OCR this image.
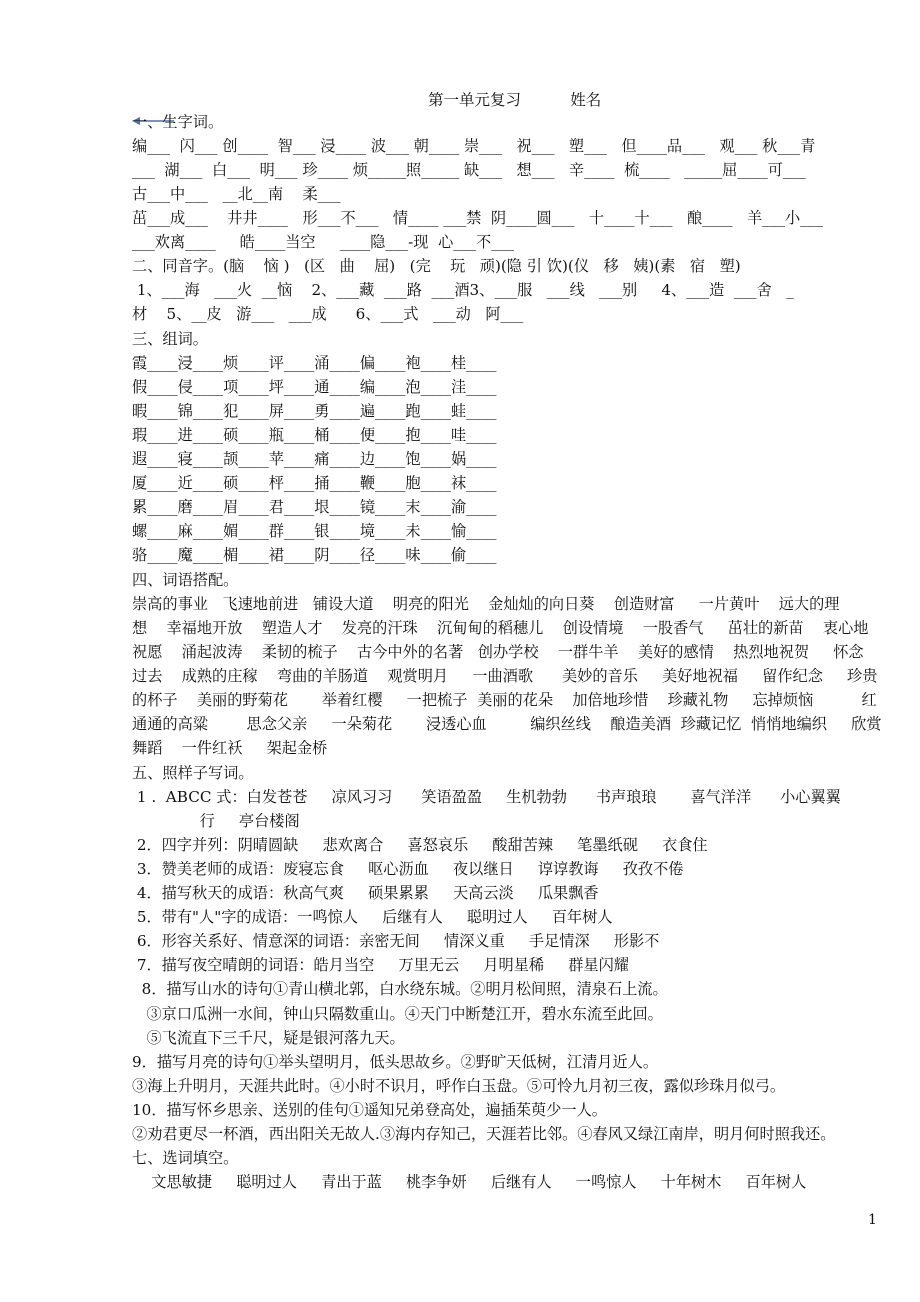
第一单元复习          姓名
一、生字词。
编___  闪___ 创____  智___ 浸____ 波___ 朝____ 崇___   祝___   塑___   但____品___   观___ 秋___青
___  湖___  白___  明___ 珍____ 烦_____照_____ 缺___   想___   辛____  梳____   _____屈____可___
古___中___   __北__南    柔___
茁___成___    井井____   形___不___   情____ ___禁  阴____圆___   十____十___   酿____   羊___小___
___欢离____     皓____当空     ____隐___-现  心___不___
二、同音字。(脑    恼 )   (区   曲    屈)   (完    玩   顽)(隐 引 饮)(仪   移   姨)(素   宿   塑)
1、___海   ___火  __恼    2、___藏  ___路  ___酒3、___服   ___线   ___别     4、___造  ___舍   _
材    5、__皮   游___   ___成      6、___式   ___动   阿___
三、组词。
霞____浸____烦____评____涌____偏____袍____桂____
假____侵____项____坪____通____编____泡____洼____
暇____锦____犯____屏____勇____遍____跑____蛙____
瑕____进____硕____瓶____桶____便____抱____哇____
遐____寝____颉____苹____痛____边____饱____娲____
厦____近____硕____枰____捅____鞭____胞____袜____
累____磨____眉____君____垠____镜____末____渝____
螺____麻____媚____群____银____境____未____愉____
骆____魔____楣____裙____阴____径____味____偷____
四、词语搭配。
崇高的事业   飞速地前进   铺设大道    明亮的阳光    金灿灿的向日葵    创造财富     一片黄叶    远大的理
想    幸福地开放    塑造人才    发亮的汗珠    沉甸甸的稻穗儿    创设情境    一股香气     茁壮的新苗    衷心地
祝愿    涌起波涛    柔韧的梳子    古今中外的名著   创办学校    一群牛羊    美好的感情    热烈地祝贺     怀念
过去    成熟的庄稼    弯曲的羊肠道    观赏明月     一曲酒歌      美妙的音乐     美好地祝福     留作纪念     珍贵
的杯子    美丽的野菊花       举着红樱     一把梳子  美丽的花朵    加倍地珍惜    珍藏礼物     忘掉烦恼          红
通通的高粱        思念父亲     一朵菊花       浸透心血         编织丝线    酿造美酒  珍藏记忆  悄悄地编织     欣赏
舞蹈    一件红袄     架起金桥
五、照样子写词。
1 .  ABCC 式：白发苍苍     凉风习习      笑语盈盈     生机勃勃      书声琅琅       喜气洋洋      小心翼翼
行     亭台楼阁
2．四字并列：阴晴圆缺     悲欢离合     喜怒哀乐     酸甜苦辣     笔墨纸砚     衣食住
3．赞美老师的成语：废寝忘食     呕心沥血     夜以继日     谆谆教诲     孜孜不倦
4．描写秋天的成语：秋高气爽     硕果累累     天高云淡     瓜果飘香
5．带有"人"字的成语：一鸣惊人     后继有人     聪明过人     百年树人
6．形容关系好、情意深的词语：亲密无间     情深义重     手足情深     形影不
7．描写夜空晴朗的词语：皓月当空     万里无云     月明星稀     群星闪耀
8．描写山水的诗句①青山横北郭，白水绕东城。②明月松间照，清泉石上流。
③京口瓜洲一水间，钟山只隔数重山。④天门中断楚江开，碧水东流至此回。
⑤飞流直下三千尺，疑是银河落九天。
9．描写月亮的诗句①举头望明月，低头思故乡。②野旷天低树，江清月近人。
③海上升明月，天涯共此时。④小时不识月，呼作白玉盘。⑤可怜九月初三夜，露似珍珠月似弓。
10．描写怀乡思亲、送别的佳句①遥知兄弟登高处，遍插茱萸少一人。
②劝君更尽一杯酒，西出阳关无故人.③海内存知己，天涯若比邻。④春风又绿江南岸，明月何时照我还。
七、选词填空。
文思敏捷     聪明过人     青出于蓝     桃李争妍     后继有人     一鸣惊人     十年树木     百年树人
1
